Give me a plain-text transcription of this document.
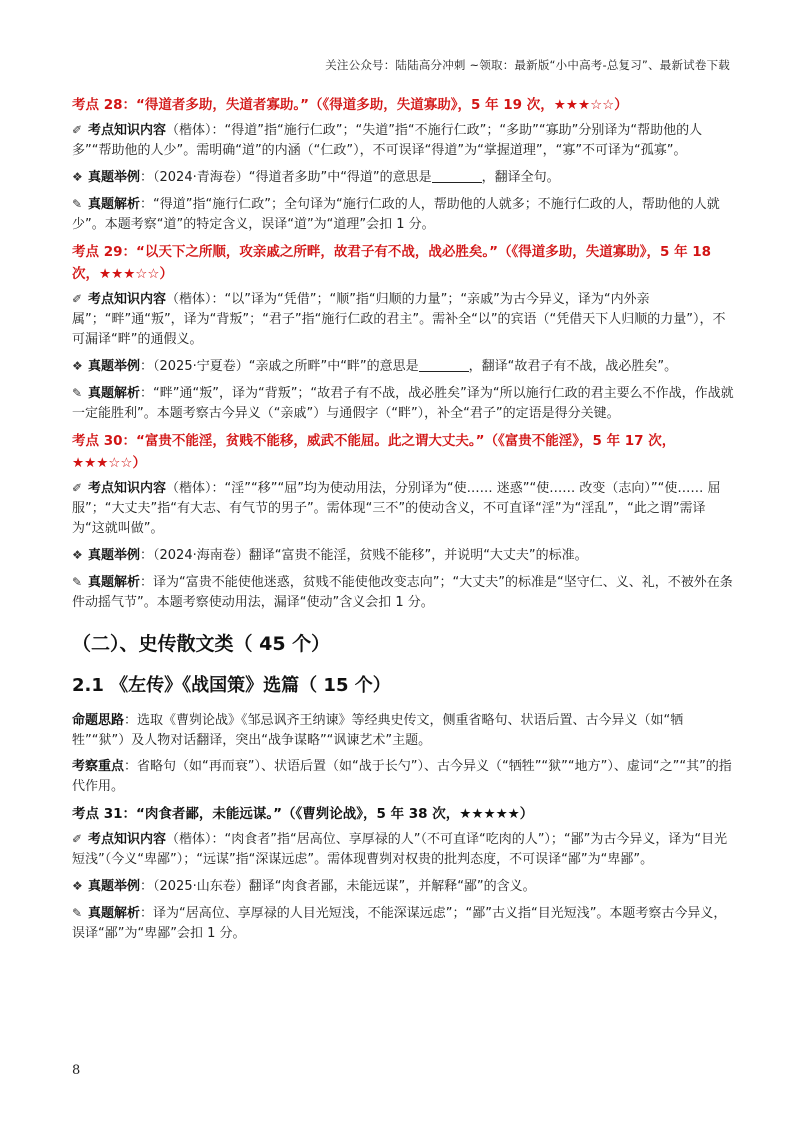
关注公众号：陆陆高分冲刺 ~领取：最新版“小中高考-总复习”、最新试卷下载
考点 28：“得道者多助，失道者寡助。”（《得道多助，失道寡助》，5 年 19 次，★★★☆☆）
✐ 考点知识内容（楷体）：“得道”指“施行仁政”；“失道”指“不施行仁政”；“多助”“寡助”分别译为“帮助他的人多”“帮助他的人少”。需明确“道”的内涵（“仁政”），不可误译“得道”为“掌握道理”，“寡”不可译为“孤寡”。
❖ 真题举例：（2024·青海卷）“得道者多助”中“得道”的意思是	，翻译全句。
✎ 真题解析：“得道”指“施行仁政”；全句译为“施行仁政的人，帮助他的人就多；不施行仁政的人，帮助他的人就少”。本题考察“道”的特定含义，误译“道”为“道理”会扣 1 分。
考点 29：“以天下之所顺，攻亲戚之所畔，故君子有不战，战必胜矣。”（《得道多助，失道寡助》，5 年 18 次，★★★☆☆）
✐ 考点知识内容（楷体）：“以”译为“凭借”；“顺”指“归顺的力量”；“亲戚”为古今异义，译为“内外亲属”；“畔”通“叛”，译为“背叛”；“君子”指“施行仁政的君主”。需补全“以”的宾语（“凭借天下人归顺的力量”），不可漏译“畔”的通假义。
❖ 真题举例：（2025·宁夏卷）“亲戚之所畔”中“畔”的意思是	，翻译“故君子有不战，战必胜矣”。
✎ 真题解析：“畔”通“叛”，译为“背叛”；“故君子有不战，战必胜矣”译为“所以施行仁政的君主要么不作战，作战就一定能胜利”。本题考察古今异义（“亲戚”）与通假字（“畔”），补全“君子”的定语是得分关键。
考点 30：“富贵不能淫，贫贱不能移，威武不能屈。此之谓大丈夫。”（《富贵不能淫》，5 年 17 次，★★★☆☆）
✐ 考点知识内容（楷体）：“淫”“移”“屈”均为使动用法，分别译为“使…… 迷惑”“使…… 改变（志向）”“使…… 屈服”；“大丈夫”指“有大志、有气节的男子”。需体现“三不”的使动含义，不可直译“淫”为“淫乱”，“此之谓”需译为“这就叫做”。
❖ 真题举例：（2024·海南卷）翻译“富贵不能淫，贫贱不能移”，并说明“大丈夫”的标准。
✎ 真题解析：译为“富贵不能使他迷惑，贫贱不能使他改变志向”；“大丈夫”的标准是“坚守仁、义、礼，不被外在条件动摇气节”。本题考察使动用法，漏译“使动”含义会扣 1 分。
（二）、史传散文类（ 45 个）
2.1 《左传》《战国策》选篇（ 15 个）
命题思路：选取《曹刿论战》《邹忌讽齐王纳谏》等经典史传文，侧重省略句、状语后置、古今异义（如“牺牲”“狱”）及人物对话翻译，突出“战争谋略”“讽谏艺术”主题。
考察重点：省略句（如“再而衰”）、状语后置（如“战于长勺”）、古今异义（“牺牲”“狱”“地方”）、虚词“之”“其”的指代作用。
考点 31：“肉食者鄙，未能远谋。”（《曹刿论战》，5 年 38 次，★★★★★）
✐ 考点知识内容（楷体）：“肉食者”指“居高位、享厚禄的人”（不可直译“吃肉的人”）；“鄙”为古今异义，译为“目光短浅”（今义“卑鄙”）；“远谋”指“深谋远虑”。需体现曹刿对权贵的批判态度，不可误译“鄙”为“卑鄙”。
❖ 真题举例：（2025·山东卷）翻译“肉食者鄙，未能远谋”，并解释“鄙”的含义。
✎ 真题解析：译为“居高位、享厚禄的人目光短浅，不能深谋远虑”；“鄙”古义指“目光短浅”。本题考察古今异义，误译“鄙”为“卑鄙”会扣 1 分。
8
